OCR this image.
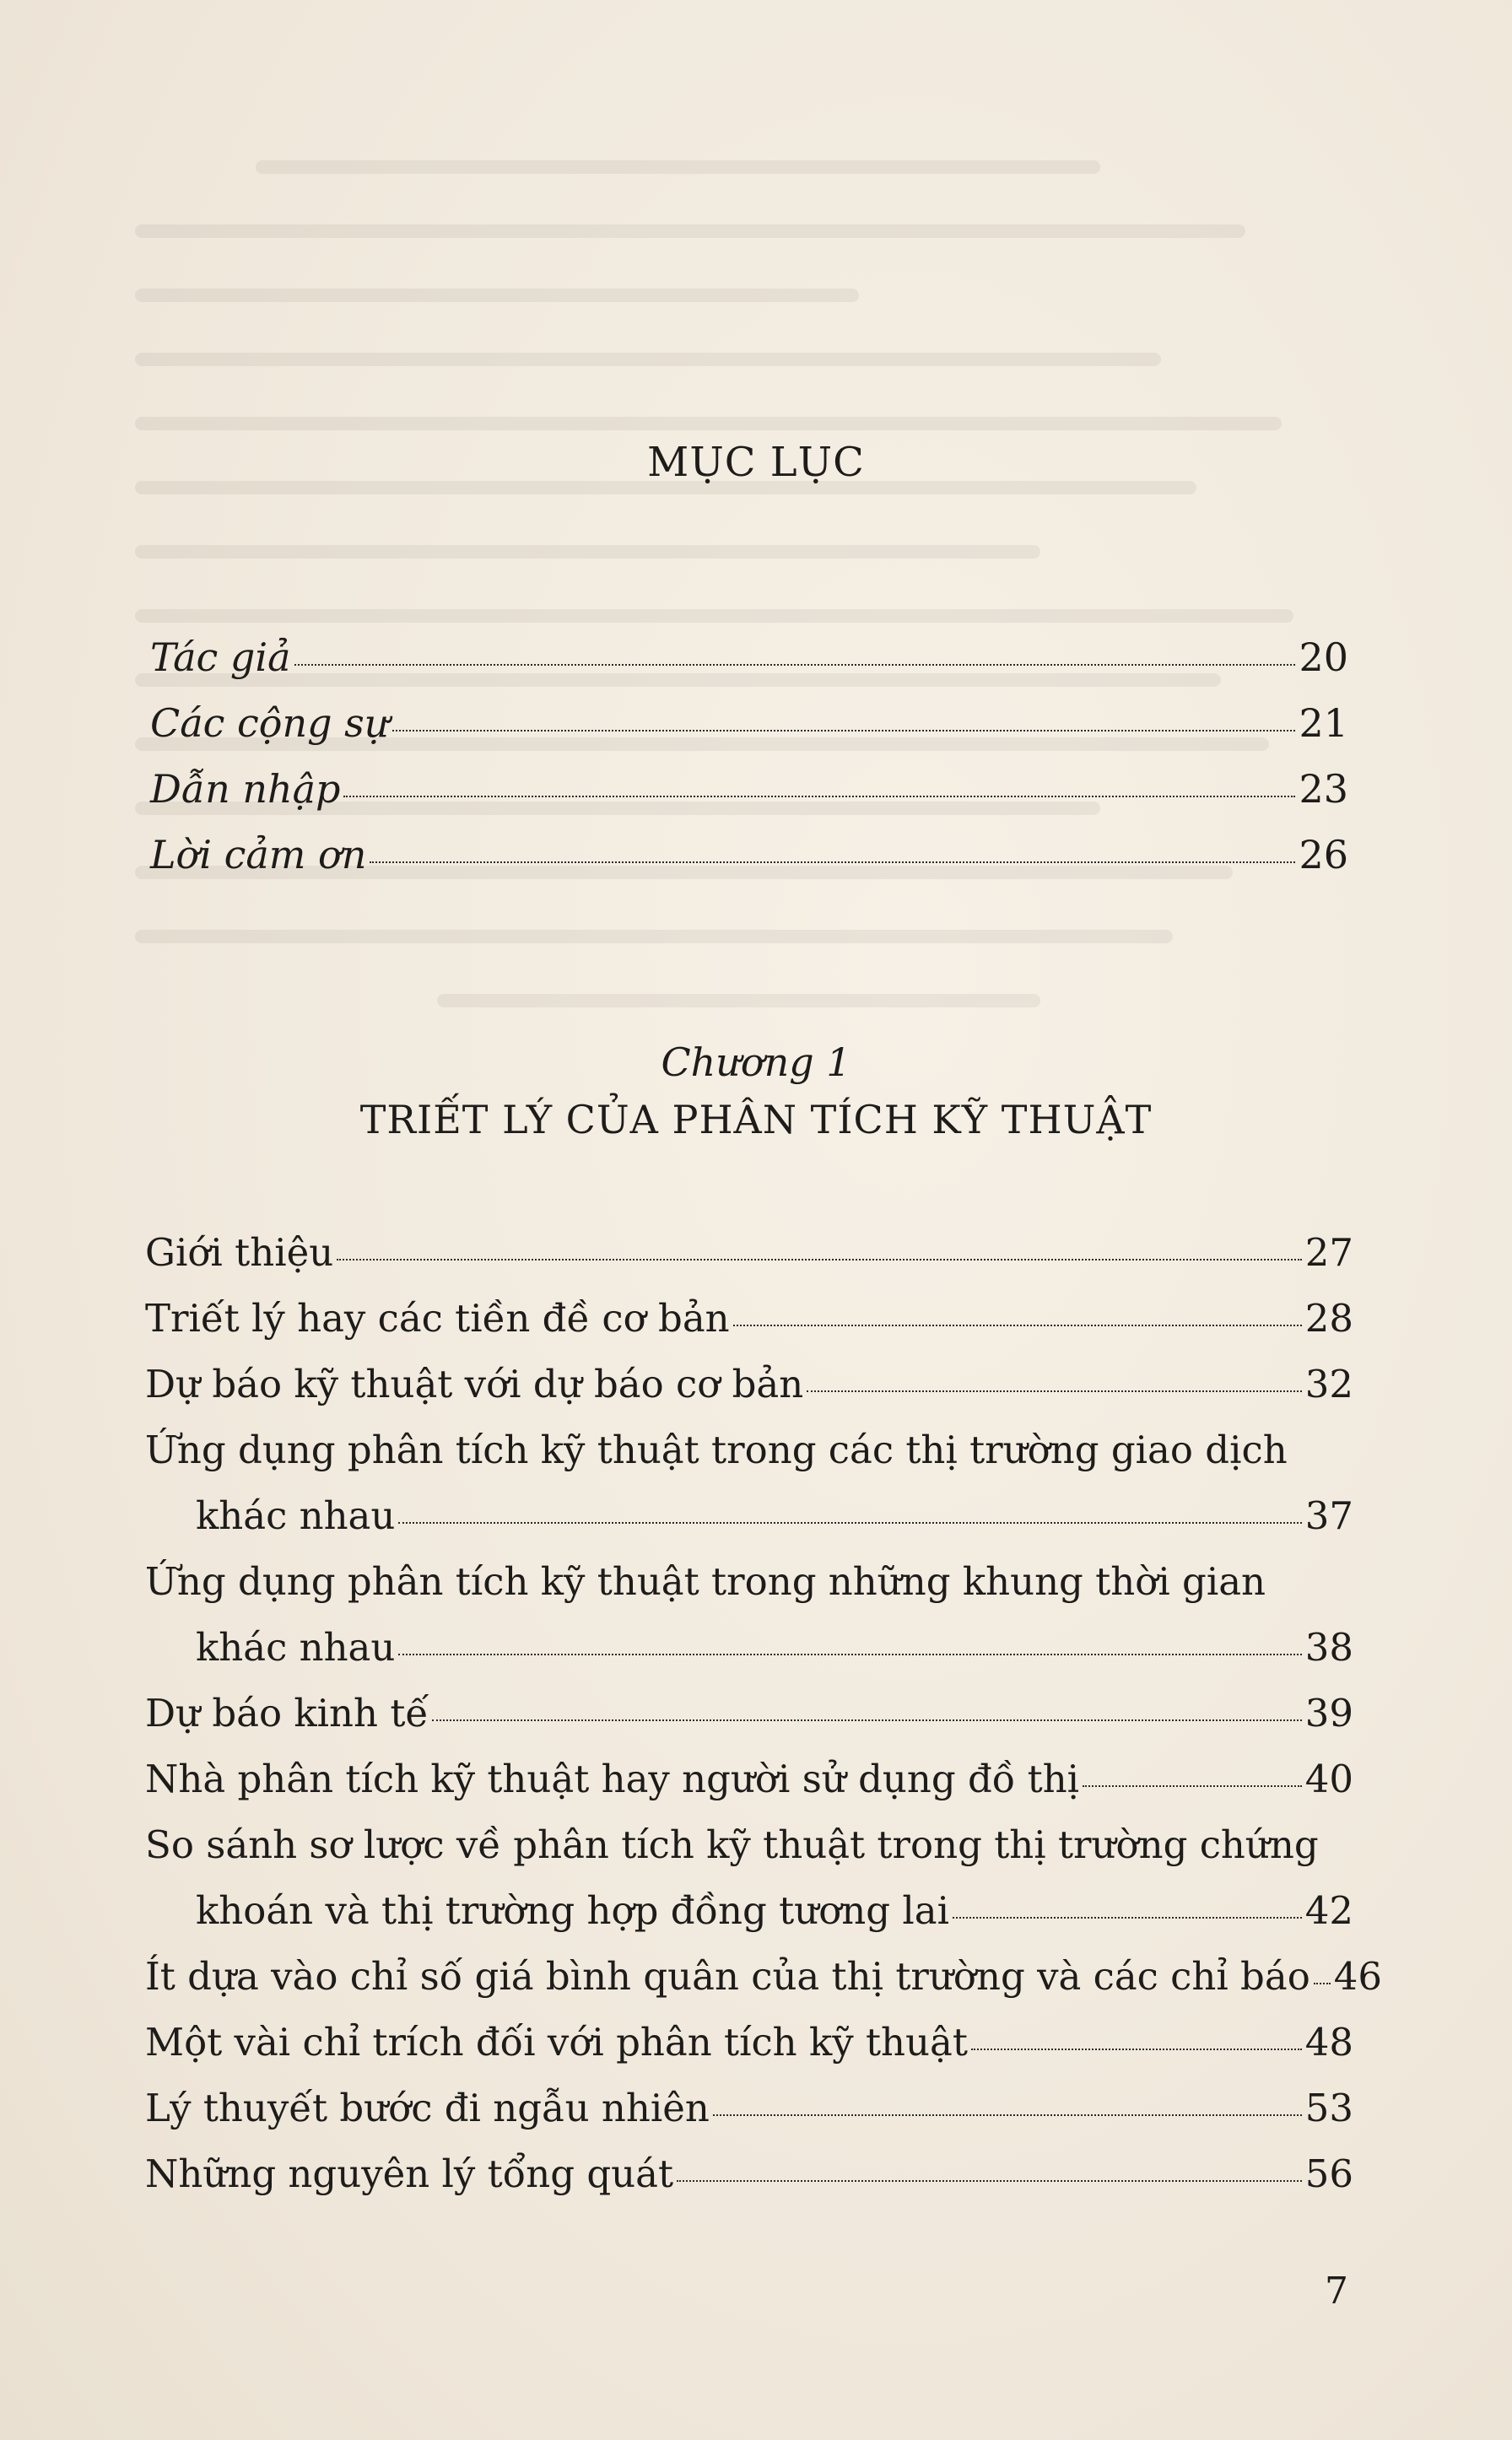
MỤC LỤC
Tác giả	20
Các cộng sự	21
Dẫn nhập	23
Lời cảm ơn	26
Chương 1
TRIẾT LÝ CỦA PHÂN TÍCH KỸ THUẬT
Giới thiệu	27
Triết lý hay các tiền đề cơ bản	28
Dự báo kỹ thuật với dự báo cơ bản	32
Ứng dụng phân tích kỹ thuật trong các thị trường giao dịch
khác nhau	37
Ứng dụng phân tích kỹ thuật trong những khung thời gian
khác nhau	38
Dự báo kinh tế	39
Nhà phân tích kỹ thuật hay người sử dụng đồ thị	40
So sánh sơ lược về phân tích kỹ thuật trong thị trường chứng
khoán và thị trường hợp đồng tương lai	42
Ít dựa vào chỉ số giá bình quân của thị trường và các chỉ báo 46
Một vài chỉ trích đối với phân tích kỹ thuật	48
Lý thuyết bước đi ngẫu nhiên	53
Những nguyên lý tổng quát	56
7
